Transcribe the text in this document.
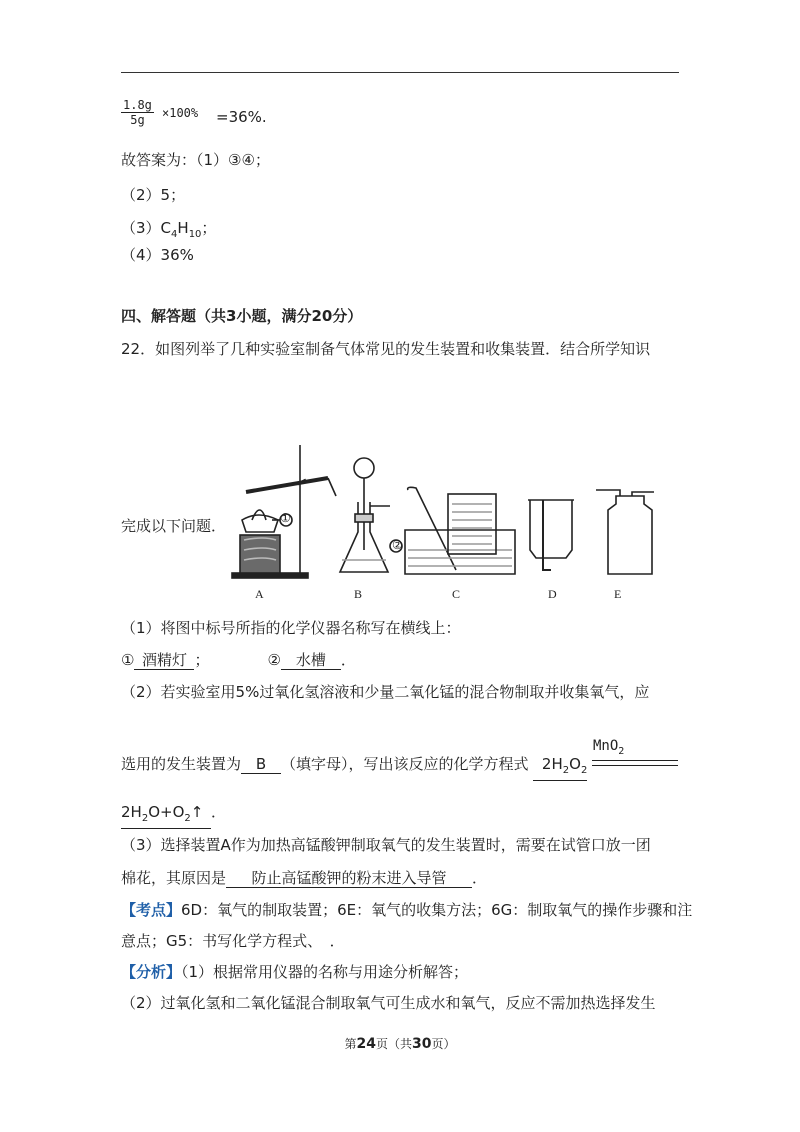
$\frac{1.8g}{5g} \times 100\% =36\%$.
故答案为：（1）③④；
（2）5；
$(3)C_4H_{10}$；
（4）36%
四、解答题（共3小题，满分20分）
22．如图列举了几种实验室制备气体常见的发生装置和收集装置．结合所学知识
完成以下问题．
A	B	C	D	E
①
②
（1）将图中标号所指的化学仪器名称写在横线上：
① 酒精灯 ；	② 水槽 ．
（2）若实验室用5%过氧化氢溶液和少量二氧化锰的混合物制取并收集氧气，应
MnO$_2$
选用的发生装置为 B （填字母），写出该反应的化学方程式 $2H_2O_2$
$2H_2O+O_2↑$ ．
（3）选择装置A作为加热高锰酸钾制取氧气的发生装置时，需要在试管口放一团
棉花，其原因是 防止高锰酸钾的粉末进入导管 ．
【考点】6D：氧气的制取装置；6E：氧气的收集方法；6G：制取氧气的操作步骤和注
意点；G5：书写化学方程式、　．
【分析】（1）根据常用仪器的名称与用途分析解答；
（2）过氧化氢和二氧化锰混合制取氧气可生成水和氧气，反应不需加热选择发生
第24页（共30页）
